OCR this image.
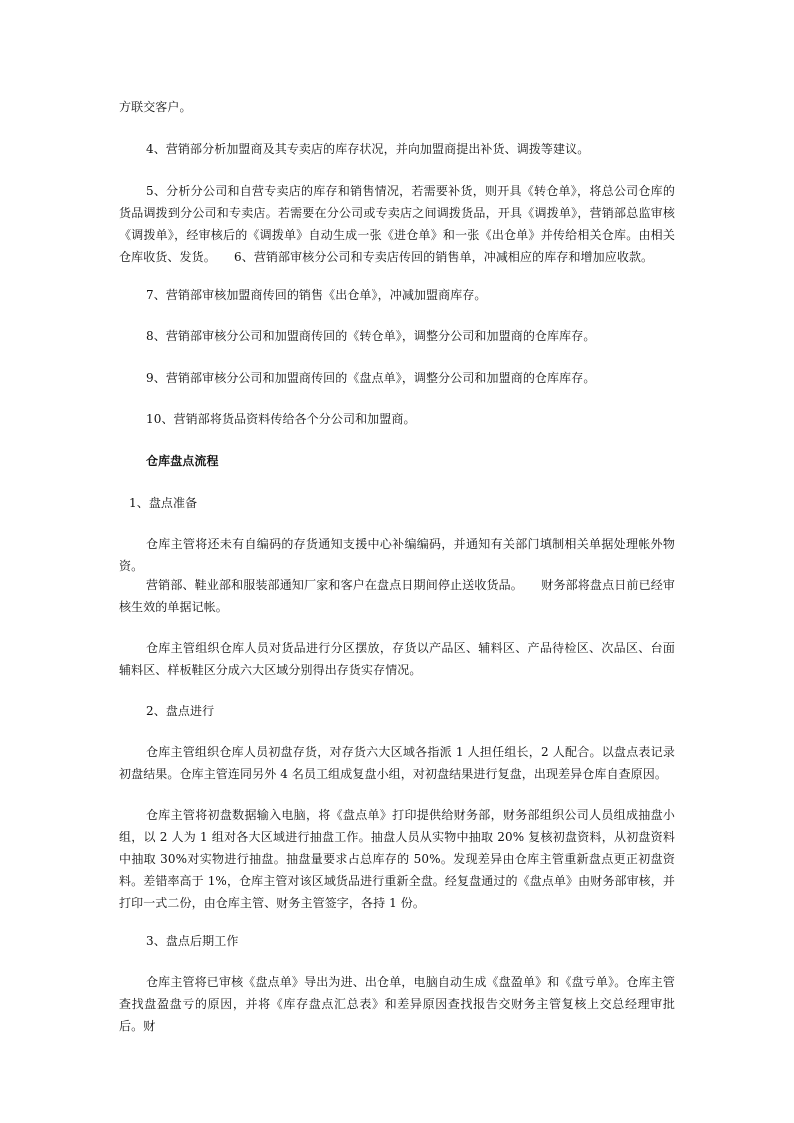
方联交客户。

4、营销部分析加盟商及其专卖店的库存状况，并向加盟商提出补货、调拨等建议。

5、分析分公司和自营专卖店的库存和销售情况，若需要补货，则开具《转仓单》，将总公司仓库的货品调拨到分公司和专卖店。若需要在分公司或专卖店之间调拨货品，开具《调拨单》，营销部总监审核《调拨单》，经审核后的《调拨单》自动生成一张《进仓单》和一张《出仓单》并传给相关仓库。由相关仓库收货、发货。　　6、营销部审核分公司和专卖店传回的销售单，冲减相应的库存和增加应收款。

7、营销部审核加盟商传回的销售《出仓单》，冲减加盟商库存。

8、营销部审核分公司和加盟商传回的《转仓单》，调整分公司和加盟商的仓库库存。

9、营销部审核分公司和加盟商传回的《盘点单》，调整分公司和加盟商的仓库库存。

10、营销部将货品资料传给各个分公司和加盟商。

仓库盘点流程

1、盘点准备

仓库主管将还未有自编码的存货通知支援中心补编编码，并通知有关部门填制相关单据处理帐外物资。

营销部、鞋业部和服装部通知厂家和客户在盘点日期间停止送收货品。　　财务部将盘点日前已经审核生效的单据记帐。

仓库主管组织仓库人员对货品进行分区摆放，存货以产品区、辅料区、产品待检区、次品区、台面辅料区、样板鞋区分成六大区域分别得出存货实存情况。

2、盘点进行

仓库主管组织仓库人员初盘存货，对存货六大区域各指派 1 人担任组长，2 人配合。以盘点表记录初盘结果。仓库主管连同另外 4 名员工组成复盘小组，对初盘结果进行复盘，出现差异仓库自查原因。

仓库主管将初盘数据输入电脑，将《盘点单》打印提供给财务部，财务部组织公司人员组成抽盘小组，以 2 人为 1 组对各大区域进行抽盘工作。抽盘人员从实物中抽取 20% 复核初盘资料，从初盘资料中抽取 30%对实物进行抽盘。抽盘量要求占总库存的 50%。发现差异由仓库主管重新盘点更正初盘资料。差错率高于 1%，仓库主管对该区域货品进行重新全盘。经复盘通过的《盘点单》由财务部审核，并打印一式二份，由仓库主管、财务主管签字，各持 1 份。

3、盘点后期工作

仓库主管将已审核《盘点单》导出为进、出仓单，电脑自动生成《盘盈单》和《盘亏单》。仓库主管查找盘盈盘亏的原因，并将《库存盘点汇总表》和差异原因查找报告交财务主管复核上交总经理审批后。财
